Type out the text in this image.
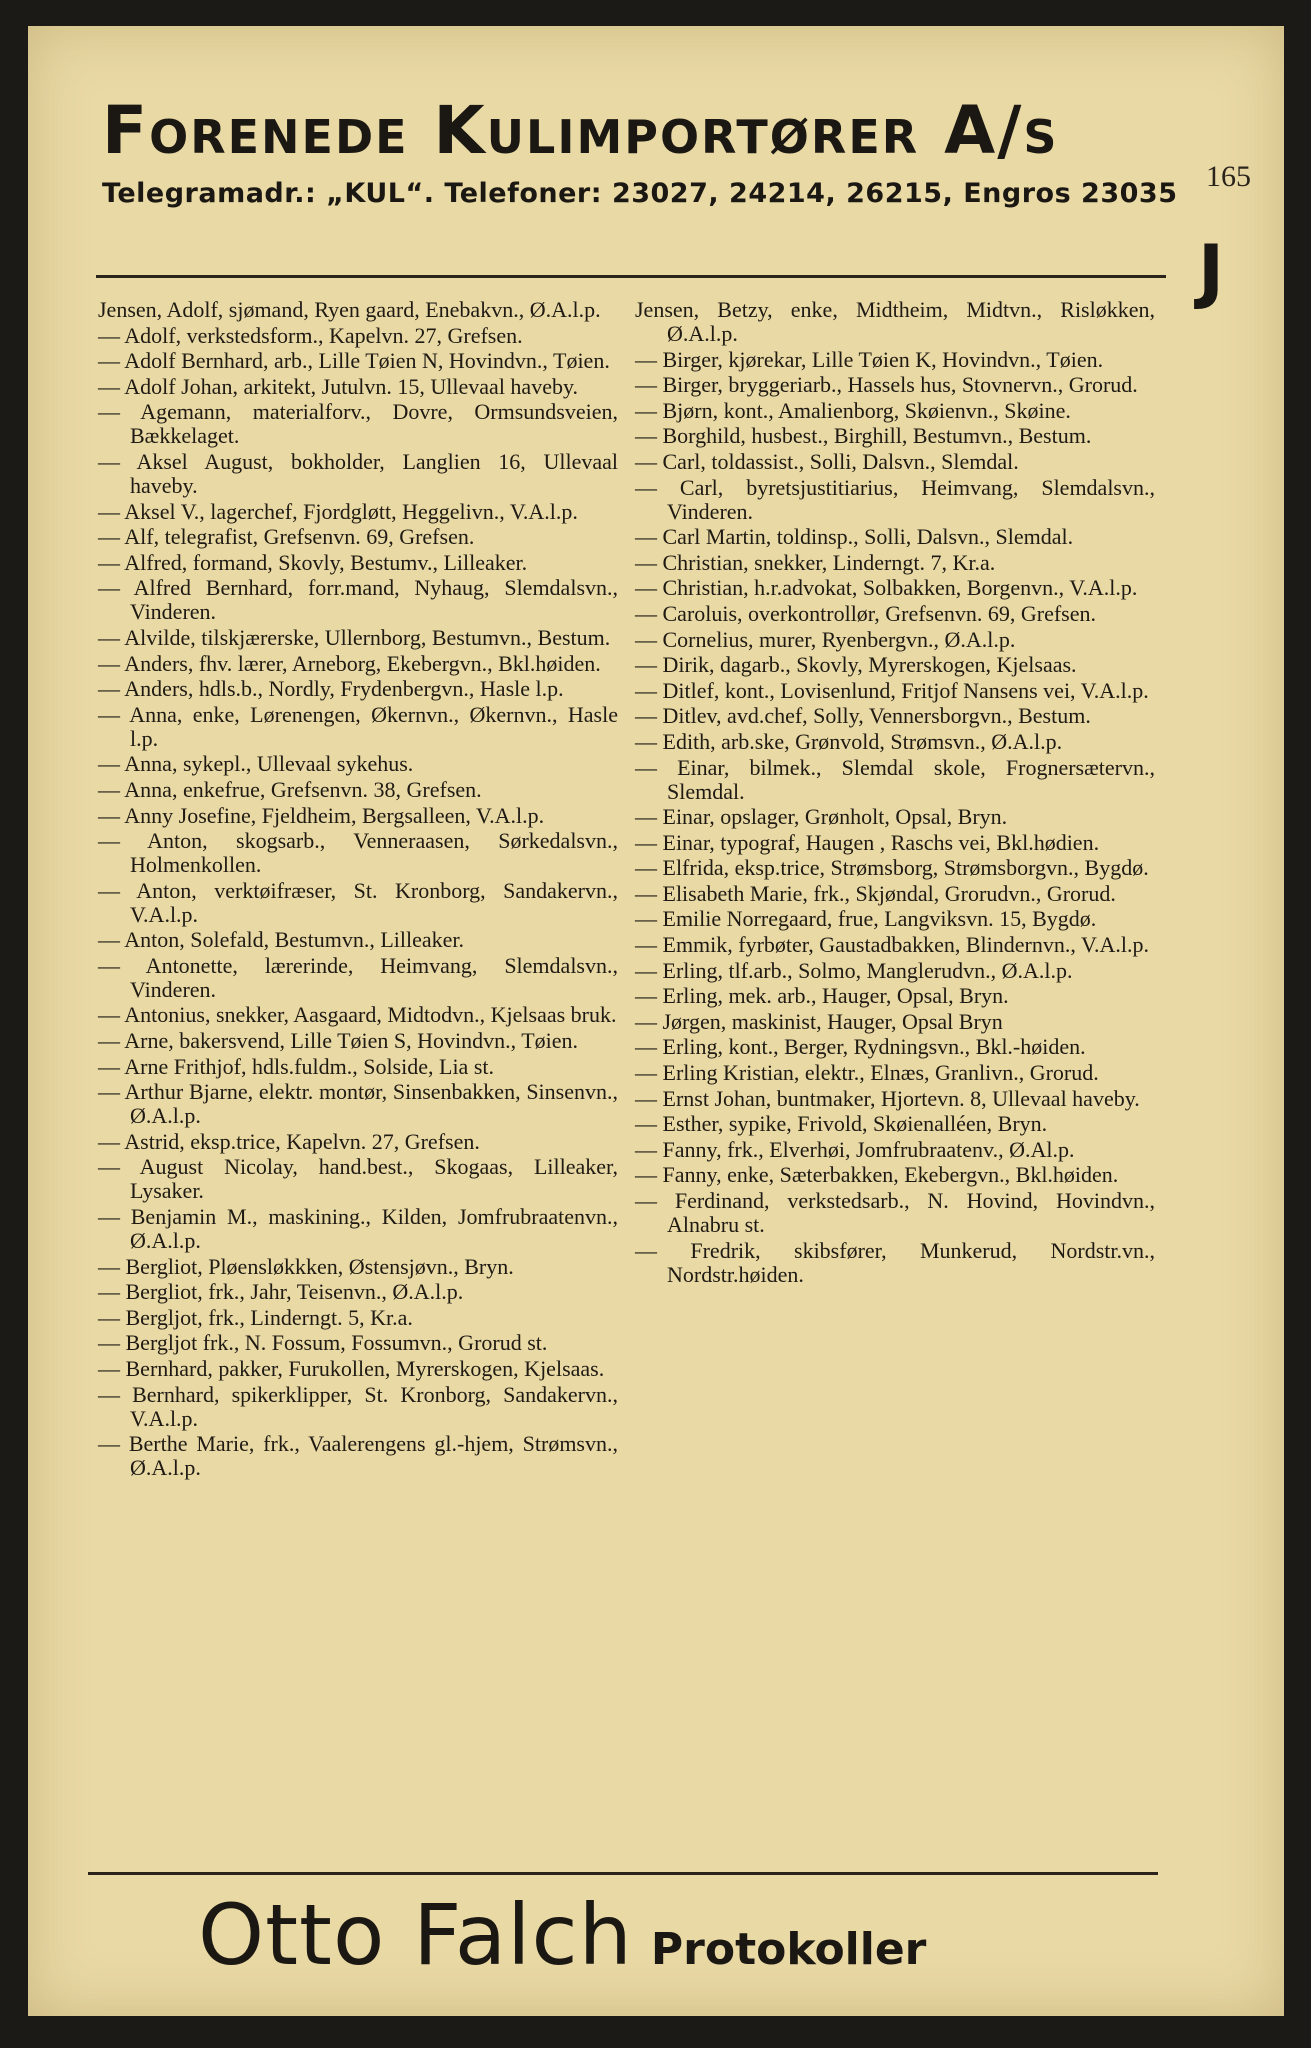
Forenede Kulimportører A/s
Telegramadr.: „KUL“. Telefoner: 23027, 24214, 26215, Engros 23035
165
J
Jensen, Adolf, sjømand, Ryen gaard, Enebakvn., Ø.A.l.p.
— Adolf, verkstedsform., Kapelvn. 27, Grefsen.
— Adolf Bernhard, arb., Lille Tøien N, Hovindvn., Tøien.
— Adolf Johan, arkitekt, Jutulvn. 15, Ullevaal haveby.
— Agemann, materialforv., Dovre, Ormsundsveien, Bækkelaget.
— Aksel August, bokholder, Langlien 16, Ullevaal haveby.
— Aksel V., lagerchef, Fjordgløtt, Heggelivn., V.A.l.p.
— Alf, telegrafist, Grefsenvn. 69, Grefsen.
— Alfred, formand, Skovly, Bestumv., Lilleaker.
— Alfred Bernhard, forr.mand, Nyhaug, Slemdalsvn., Vinderen.
— Alvilde, tilskjærerske, Ullernborg, Bestumvn., Bestum.
— Anders, fhv. lærer, Arneborg, Ekebergvn., Bkl.høiden.
— Anders, hdls.b., Nordly, Frydenbergvn., Hasle l.p.
— Anna, enke, Lørenengen, Økernvn., Økernvn., Hasle l.p.
— Anna, sykepl., Ullevaal sykehus.
— Anna, enkefrue, Grefsenvn. 38, Grefsen.
— Anny Josefine, Fjeldheim, Bergsalleen, V.A.l.p.
— Anton, skogsarb., Venneraasen, Sørkedalsvn., Holmenkollen.
— Anton, verktøifræser, St. Kronborg, Sandakervn., V.A.l.p.
— Anton, Solefald, Bestumvn., Lilleaker.
— Antonette, lærerinde, Heimvang, Slemdalsvn., Vinderen.
— Antonius, snekker, Aasgaard, Midtodvn., Kjelsaas bruk.
— Arne, bakersvend, Lille Tøien S, Hovindvn., Tøien.
— Arne Frithjof, hdls.fuldm., Solside, Lia st.
— Arthur Bjarne, elektr. montør, Sinsenbakken, Sinsenvn., Ø.A.l.p.
— Astrid, eksp.trice, Kapelvn. 27, Grefsen.
— August Nicolay, hand.best., Skogaas, Lilleaker, Lysaker.
— Benjamin M., maskining., Kilden, Jomfrubraatenvn., Ø.A.l.p.
— Bergliot, Pløensløkkken, Østensjøvn., Bryn.
— Bergliot, frk., Jahr, Teisenvn., Ø.A.l.p.
— Bergljot, frk., Linderngt. 5, Kr.a.
— Bergljot frk., N. Fossum, Fossumvn., Grorud st.
— Bernhard, pakker, Furukollen, Myrerskogen, Kjelsaas.
— Bernhard, spikerklipper, St. Kronborg, Sandakervn., V.A.l.p.
— Berthe Marie, frk., Vaalerengens gl.-hjem, Strømsvn., Ø.A.l.p.
Jensen, Betzy, enke, Midtheim, Midtvn., Risløkken, Ø.A.l.p.
— Birger, kjørekar, Lille Tøien K, Hovindvn., Tøien.
— Birger, bryggeriarb., Hassels hus, Stovnervn., Grorud.
— Bjørn, kont., Amalienborg, Skøienvn., Skøine.
— Borghild, husbest., Birghill, Bestumvn., Bestum.
— Carl, toldassist., Solli, Dalsvn., Slemdal.
— Carl, byretsjustitiarius, Heimvang, Slemdalsvn., Vinderen.
— Carl Martin, toldinsp., Solli, Dalsvn., Slemdal.
— Christian, snekker, Linderngt. 7, Kr.a.
— Christian, h.r.advokat, Solbakken, Borgenvn., V.A.l.p.
— Caroluis, overkontrollør, Grefsenvn. 69, Grefsen.
— Cornelius, murer, Ryenbergvn., Ø.A.l.p.
— Dirik, dagarb., Skovly, Myrerskogen, Kjelsaas.
— Ditlef, kont., Lovisenlund, Fritjof Nansens vei, V.A.l.p.
— Ditlev, avd.chef, Solly, Vennersborgvn., Bestum.
— Edith, arb.ske, Grønvold, Strømsvn., Ø.A.l.p.
— Einar, bilmek., Slemdal skole, Frognersætervn., Slemdal.
— Einar, opslager, Grønholt, Opsal, Bryn.
— Einar, typograf, Haugen , Raschs vei, Bkl.hødien.
— Elfrida, eksp.trice, Strømsborg, Strømsborgvn., Bygdø.
— Elisabeth Marie, frk., Skjøndal, Grorudvn., Grorud.
— Emilie Norregaard, frue, Langviksvn. 15, Bygdø.
— Emmik, fyrbøter, Gaustadbakken, Blindernvn., V.A.l.p.
— Erling, tlf.arb., Solmo, Manglerudvn., Ø.A.l.p.
— Erling, mek. arb., Hauger, Opsal, Bryn.
— Jørgen, maskinist, Hauger, Opsal Bryn
— Erling, kont., Berger, Rydningsvn., Bkl.-høiden.
— Erling Kristian, elektr., Elnæs, Granlivn., Grorud.
— Ernst Johan, buntmaker, Hjortevn. 8, Ullevaal haveby.
— Esther, sypike, Frivold, Skøienalléen, Bryn.
— Fanny, frk., Elverhøi, Jomfrubraatenv., Ø.Al.p.
— Fanny, enke, Sæterbakken, Ekebergvn., Bkl.høiden.
— Ferdinand, verkstedsarb., N. Hovind, Hovindvn., Alnabru st.
— Fredrik, skibsfører, Munkerud, Nordstr.vn., Nordstr.høiden.
Otto Falch Protokoller
